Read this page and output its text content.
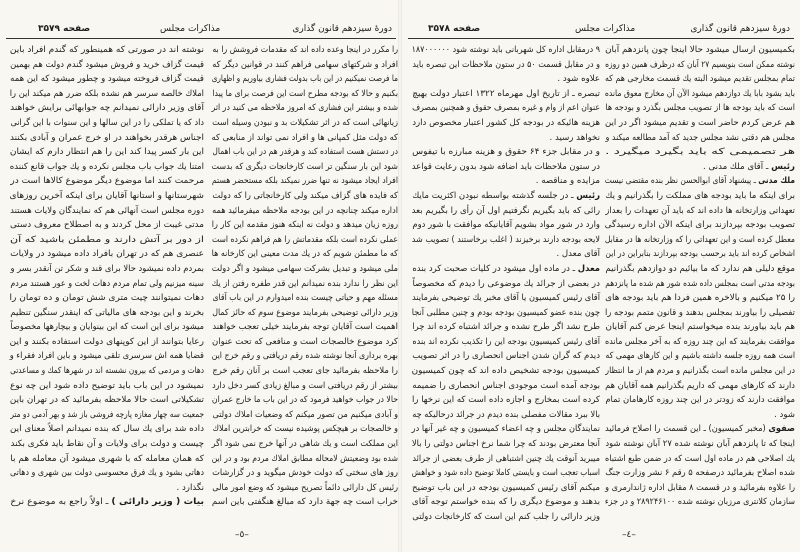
دورهٔ سیزدهم قانون گذاری
مذاکرات مجلس
صفحه ۳۵۷۹
را مکرر در اینجا وعده داده اند که مقدمات فروشش را به
افراد و شرکتهای سهامی فراهم کنند در قوانین دیگر که
ما فرصت نمیکنیم در این باب بدولت فشاری بیاوریم و اظهاری
بکنیم و حالا که بودجه مطرح است این فرصت برای ما پیدا
شده و بیشتر این فشاری که امروز ملاحظه می کنید در اثر
زیانهائی است که در اثر تشکیلات بد و نبودن وسیله است
که دولت مثل کمپانی ها و افراد نمی تواند از منابعی که
در دستش هست استفاده کند و هرقدر هم در این باب اهمال
شود این بار سنگین تر است کارخانجات دیگری که بدست
افراد ایجاد میشود نه تنها ضرر نمیکند بلکه مستحضر هستم
که فایده های گزاف میکند ولی کارخانجاتی را که دولت
اداره میکند چنانچه در این بودجه ملاحظه میفرمائید همه
روزه زیان میدهد و دولت نه اینکه هنوز مقدمه این کار را
عملی نکرده است بلکه مقدماتش را هم فراهم نکرده است
که ما مطمئن شویم که در یك مدت معینی این کارخانه ها
ملی میشود و تبدیل بشرکت سهامی میشود و اگر دولت
این نظر را ندارد بنده نمیدانم این قدر طفره رفتن از یك
مسئله مهم و حیاتی چیست بنده امیدوارم در این باب آقای
وزیر دارائی توضیحی بفرمایند موضوع سوم که حائز کمال
اهمیت است آقایان توجه بفرمایند خیلی تعجب خواهند
کرد موضوع خالصجات است و منافعی که تحت عنوان
بهره برداری آنجا نوشته شده رقم دریافتی و رقم خرج این
را ملاحظه بفرمائید جای تعجب است بر آنان رقم خرج
بیشتر از رقم دریافتی است و مبالغ زیادی کسر دخل دارد
حالا در جواب خواهید فرمود که در این باب ما خارج عمران
و آبادی میکنیم من تصور میکنم که وضعیات املاك دولتی
و خالصجات بر هیچکس پوشیده نیست که خرابترین املاك
این مملکت است و یك شاهی در آنها خرج نمی شود اگر
شده بود وضعیتش لامحاله مطابق املاك مردم بود و در این
روز های سختی که دولت خودش میگوید و در گزارشات
رئیس کل دارائی دائماً تصریح میشود که وضع امور مالی
خراب است چه جهة دارد که مبالغ هنگفتی باین اسم
نوشته اند در صورتی که همینطور که گندم افراد باین
قیمت گزاف خرید و فروش میشود گندم دولت هم بهمین
قیمت گزاف فروخته میشود و چطور میشود که این همه
املاك خالصه سرسر هم نشده بلکه ضرر هم میکند این را
آقای وزیر دارائی نمیدانم چه جوابهائی برایش خواهند
داد که یا تملکی را در این سالها و این سنوات با این گرانی
اجناس هرقدر بخواهند در او خرج عمران و آبادی بکنند
این بار کسر پیدا کند این را هم انتظار دارم که ایشان
امتنا یك جواب باب مجلس نکرده و یك جواب قانع کننده
مرحمت کنند اما موضوع دیگر موضوع کالاها است در
شهرستانها و استانها آقایان برای اینکه آخرین روزهای
دوره مجلس است آنهائی هم که نمایندگان ولایات هستند
مدتی غیبت از محل کردند و به اصطلاح معروف دستی
از دور بر آتش دارند و مطمئن باشید که آن
عنصری هم که در تهران بافراد داده میشود در ولایات
بمردم داده نمیشود حالا برای قند و شکر تن آنقدر بسر و
سینه میزنیم ولی تمام مردم دهات لخت و عور هستند مردم
دهات نمیتوانند چیت متری شش تومان و ده تومان را
بخرند و این بودجه های مالیاتی که اینقدر سنگین تنظیم
میشود برای این است که این بینوایان و بیچارهها مخصوصاً
رعایا بتوانند از این کوپنهای دولت استفاده بکنند و این
قضایا همه اش سرسری تلقی میشود و باین افراد فقراء و
دهات و مردمی که بیرون نشسته اند در شهرها کمك و مساعدتی
نمیشود در این باب باید توضیح داده شود این چه نوع
تشکیلاتی است حالا ملاحظه بفرمائید که در تهران باین
جمعیت سه چهار مغازه پارچه فروشی باز شد و بهر آدمی دو متر
داده شد برای یك سال که بنده نمیدانم اصلاً معنای این
چیست و دولت برای ولایات و آن نقاط باید فکری بکند
که همان معامله که با شهری میشود آن معامله هم با
دهاتی بشود و یك فرق محسوسی دولت بین شهری و دهاتی
نگذارد .
بیات ( وزیر دارائی ) ـ اولاً راجع به موضوع نرخ
–٥–
دورهٔ سیزدهم قانون گذاری
مذاکرات مجلس
صفحه ۳۵۷۸
بکمیسیون ارسال میشود حالا اینجا چون پانزدهم آبان
نوشته ممکن است بنویسیم ۲۷ آبان که درظرف همین دو روزه
تمام بمجلس تقدیم میشود البته یك قسمت مخارجی هم که
باید بشود بابا یك دوازدهم میشود الآن آن مخارج معوق مانده
است که باید بودجه ها از تصویب مجلس بگذرد و بودجه ها
هم عرض کردم حاضر است و تقدیم میشود اگر در این
مجلس هم دقتی نشد مجلس جدید که آمد مطالعه میکند و
هر تصمیمی که باید بگیرد میگیرد .
رئیس ـ آقای ملك مدنی .
ملك مدنی ـ پیشنهاد آقای ابوالحسن نظر بنده مقتضی نیست
برای اینکه ما باید بودجه های مملکت را بگذرانیم و یك
تعهداتی وزارتخانه ها داده اند که باید آن تعهدات را بعداز
تصویب بودجه بپردازند برای اینکه الآن اداره رسیدگی
معطل کرده است و این تعهداتی را که وزارتخانه ها در مقابل
اشخاص کرده اند باید برحسب بودجه بپردازند بنابراین در این
موقع دلیلی هم ندارد که ما بیائیم دو دوازدهم بگذرانیم
بودجه مدتی است بمجلس داده شده شور هم شده ما پانزدهم
را ۲۵ میکنیم و بالاخره همین فردا هم باید بودجه های
تفصیلی را بیاورند بمجلس بدهند و قانون متمم بودجه را
هم باید بیاورند بنده میخواستم اینجا عرض کنم آقایان
موافقت بفرمایند که این چند روزه که به آخر مجلس مانده
است همه روزه جلسه داشته باشیم و این کارهای مهمی که
در این مجلس مانده است بگذرانیم و مردم هم از ما انتظار
دارند که کارهای مهمی که داریم بگذرانیم همه آقایان هم
موافقت دارند که زودتر در این چند روزه کارهامان تمام
شود .
صفوی (مخبر کمیسیون) ـ این قسمت را اصلاح فرمائید
اینجا که تا پانزدهم آبان نوشته شده ۲۷ آبان نوشته شود
یك اصلاحی هم در ماده اول است که در ضمن طبع اشتباه
شده اصلاح بفرمائید درصفحه ۵ رقم ۶ نشر وزارت جنگ
را علاوه بفرمائید و در قسمت ۸ مقابل اداره ژاندارمری و
سازمان کلانتری مرزبان نوشته شده ۲۸۹۲۴۶۱۰۰ و در جزء
۹ درمقابل اداره کل شهربانی باید نوشته شود ۱۸۷۰۰۰۰۰۰
و در مقابل قسمت ۵۰ در ستون ملاحظات این تبصره باید
علاوه شود .
تبصره ـ از تاریخ اول مهرماه ۱۳۲۲ اعتبار دولت بهیچ
عنوان اعم از وام و غیره بمصرف حقوق و همچنین بمصرف
هزینه هائیکه در بودجه کل کشور اعتبار مخصوص دارد
نخواهد رسید .
و در مقابل جزء ۶۴ حقوق و هزینه مبارزه با تیفوس
در ستون ملاحظات باید اضافه شود بدون رعایت قواعد
مزایده و مناقصه .
رئیس ـ در جلسه گذشته بواسطه نبودن اکثریت مایك
رائی که باید بگیریم نگرفتیم اول آن رأی را بگیریم بعد
وارد در شور مواد بشویم آقایانیکه موافقت با شور دوم
لایحه بودجه دارند برخیزند ( اغلب برخاستند ) تصویب شد
آقای معدل .
معدل ـ در ماده اول میشود در کلیات صحبت کرد بنده
در بعضی از جرائد یك موضوعی را دیدم که مخصوصاً
آقای رئیس کمیسیون یا آقای مخبر یك توضیحی بفرمایند
چون بنده عضو کمیسیون بودجه بودم و چنین مطلبی آنجا
طرح نشد اگر طرح نشده و جرائد اشتباه کرده اند چرا
آقای رئیس کمیسیون بودجه این را تکذیب نکرده اند بنده
دیدم که گران شدن اجناس انحصاری را در اثر تصویب
کمیسیون بودجه تشخیص داده اند که چون کمیسیون
بودجه آمده است موجودی اجناس انحصاری را ضمیمه
کرده است بمخارج و اجازه داده است که این نرخها را
بالا ببرد مقالات مفصلی بنده دیدم در جرائد درحالیکه چه
نمایندگان مجلس و چه اعضاء کمیسیون و چه غیر آنها در
آنجا معترض بودند که چرا شما نرخ اجناس دولتی را بالا
میبرید آنوقت یك چنین اشتباهی از طرف بعضی از جرائد
اسباب تعجب است و بایستی کاملا توضیح داده شود و خواهش
میکنم آقای رئیس کمیسیون بودجه در این باب توضیح
بدهند و موضوع دیگری را که بنده خواستم توجه آقای
وزیر دارائی را جلب کنم این است که کارخانجات دولتی
–٤–
